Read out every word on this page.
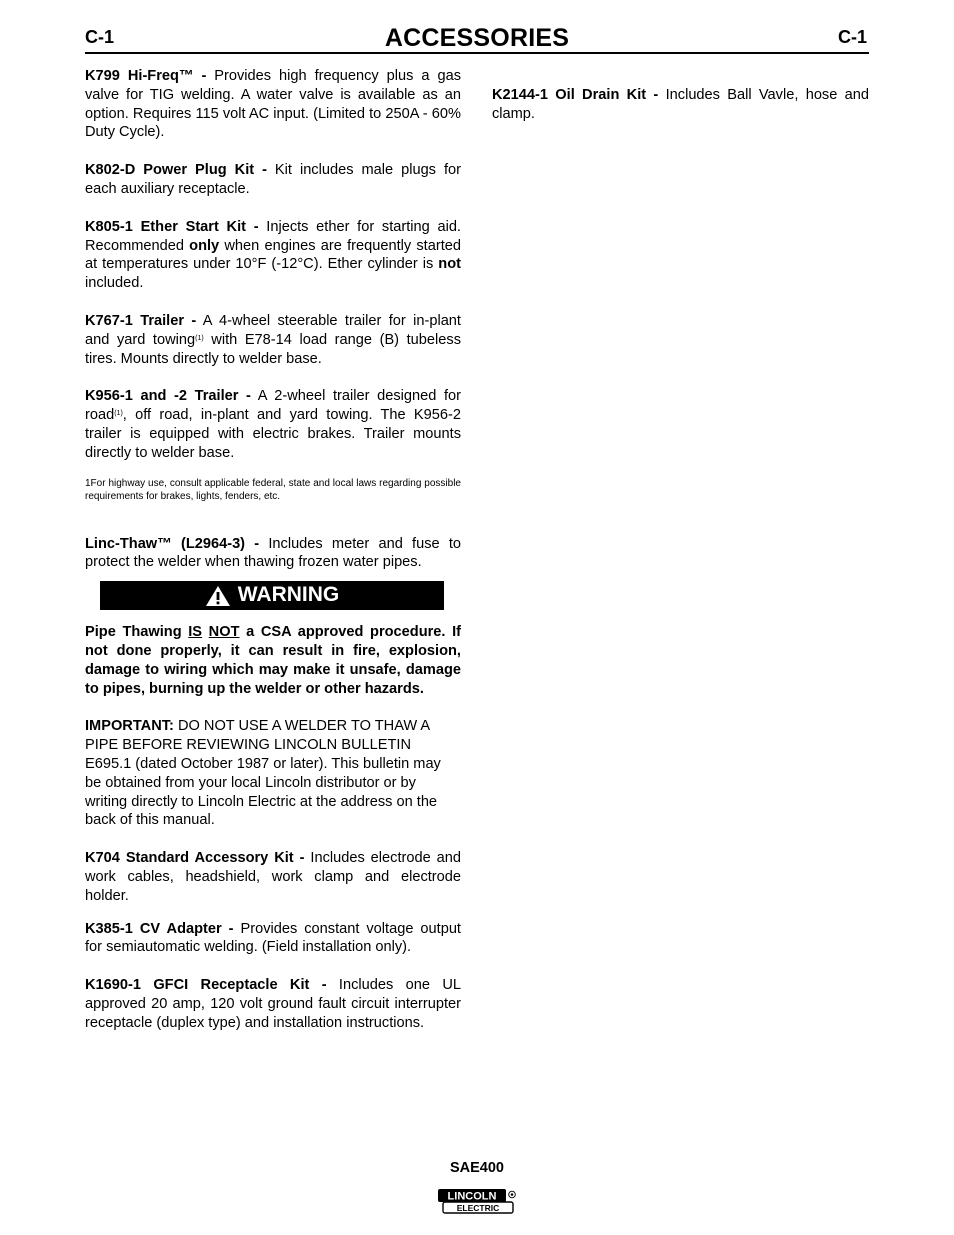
C-1	ACCESSORIES	C-1

K799 Hi-Freq™ - Provides high frequency plus a gas valve for TIG welding. A water valve is available as an option. Requires 115 volt AC input. (Limited to 250A - 60% Duty Cycle).

K802-D Power Plug Kit - Kit includes male plugs for each auxiliary receptacle.

K805-1 Ether Start Kit - Injects ether for starting aid. Recommended only when engines are frequently started at temperatures under 10°F (-12°C). Ether cylinder is not included.

K767-1 Trailer - A 4-wheel steerable trailer for in-plant and yard towing$^{(1)}$ with E78-14 load range (B) tubeless tires. Mounts directly to welder base.

K956-1 and -2 Trailer - A 2-wheel trailer designed for road$^{(1)}$, off road, in-plant and yard towing. The K956-2 trailer is equipped with electric brakes. Trailer mounts directly to welder base.

1For highway use, consult applicable federal, state and local laws regarding possible requirements for brakes, lights, fenders, etc.

Linc-Thaw™ (L2964-3) - Includes meter and fuse to protect the welder when thawing frozen water pipes.

WARNING

Pipe Thawing IS NOT a CSA approved procedure. If not done properly, it can result in fire, explosion, damage to wiring which may make it unsafe, damage to pipes, burning up the welder or other hazards.

IMPORTANT: DO NOT USE A WELDER TO THAW A PIPE BEFORE REVIEWING LINCOLN BULLETIN E695.1 (dated October 1987 or later). This bulletin may be obtained from your local Lincoln distributor or by writing directly to Lincoln Electric at the address on the back of this manual.

K704 Standard Accessory Kit - Includes electrode and work cables, headshield, work clamp and electrode holder.

K385-1 CV Adapter - Provides constant voltage output for semiautomatic welding. (Field installation only).

K1690-1 GFCI Receptacle Kit - Includes one UL approved 20 amp, 120 volt ground fault circuit interrupter receptacle (duplex type) and installation instructions.

K2144-1 Oil Drain Kit - Includes Ball Vavle, hose and clamp.

SAE400
LINCOLN
ELECTRIC
